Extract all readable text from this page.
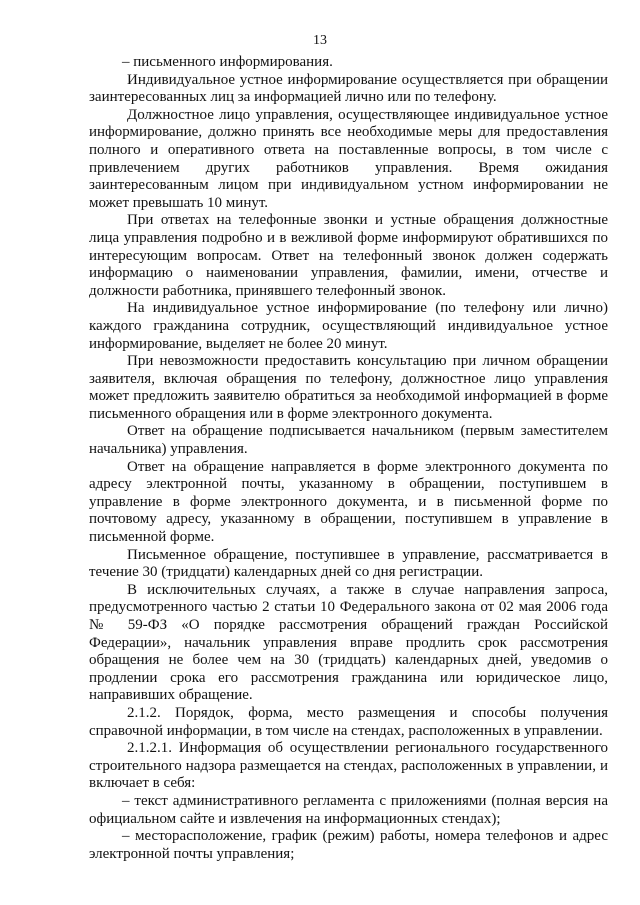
13

– письменного информирования.

Индивидуальное устное информирование осуществляется при обращении заинтересованных лиц за информацией лично или по телефону.

Должностное лицо управления, осуществляющее индивидуальное устное информирование, должно принять все необходимые меры для предоставления полного и оперативного ответа на поставленные вопросы, в том числе с привлечением других работников управления. Время ожидания заинтересованным лицом при индивидуальном устном информировании не может превышать 10 минут.

При ответах на телефонные звонки и устные обращения должностные лица управления подробно и в вежливой форме информируют обратившихся по интересующим вопросам. Ответ на телефонный звонок должен содержать информацию о наименовании управления, фамилии, имени, отчестве и должности работника, принявшего телефонный звонок.

На индивидуальное устное информирование (по телефону или лично) каждого гражданина сотрудник, осуществляющий индивидуальное устное информирование, выделяет не более 20 минут.

При невозможности предоставить консультацию при личном обращении заявителя, включая обращения по телефону, должностное лицо управления может предложить заявителю обратиться за необходимой информацией в форме письменного обращения или в форме электронного документа.

Ответ на обращение подписывается начальником (первым заместителем начальника) управления.

Ответ на обращение направляется в форме электронного документа по адресу электронной почты, указанному в обращении, поступившем в управление в форме электронного документа, и в письменной форме по почтовому адресу, указанному в обращении, поступившем в управление в письменной форме.

Письменное обращение, поступившее в управление, рассматривается в течение 30 (тридцати) календарных дней со дня регистрации.

В исключительных случаях, а также в случае направления запроса, предусмотренного частью 2 статьи 10 Федерального закона от 02 мая 2006 года № 59-ФЗ «О порядке рассмотрения обращений граждан Российской Федерации», начальник управления вправе продлить срок рассмотрения обращения не более чем на 30 (тридцать) календарных дней, уведомив о продлении срока его рассмотрения гражданина или юридическое лицо, направивших обращение.

2.1.2. Порядок, форма, место размещения и способы получения справочной информации, в том числе на стендах, расположенных в управлении.

2.1.2.1. Информация об осуществлении регионального государственного строительного надзора размещается на стендах, расположенных в управлении, и включает в себя:

– текст административного регламента с приложениями (полная версия на официальном сайте и извлечения на информационных стендах);

– месторасположение, график (режим) работы, номера телефонов и адрес электронной почты управления;
